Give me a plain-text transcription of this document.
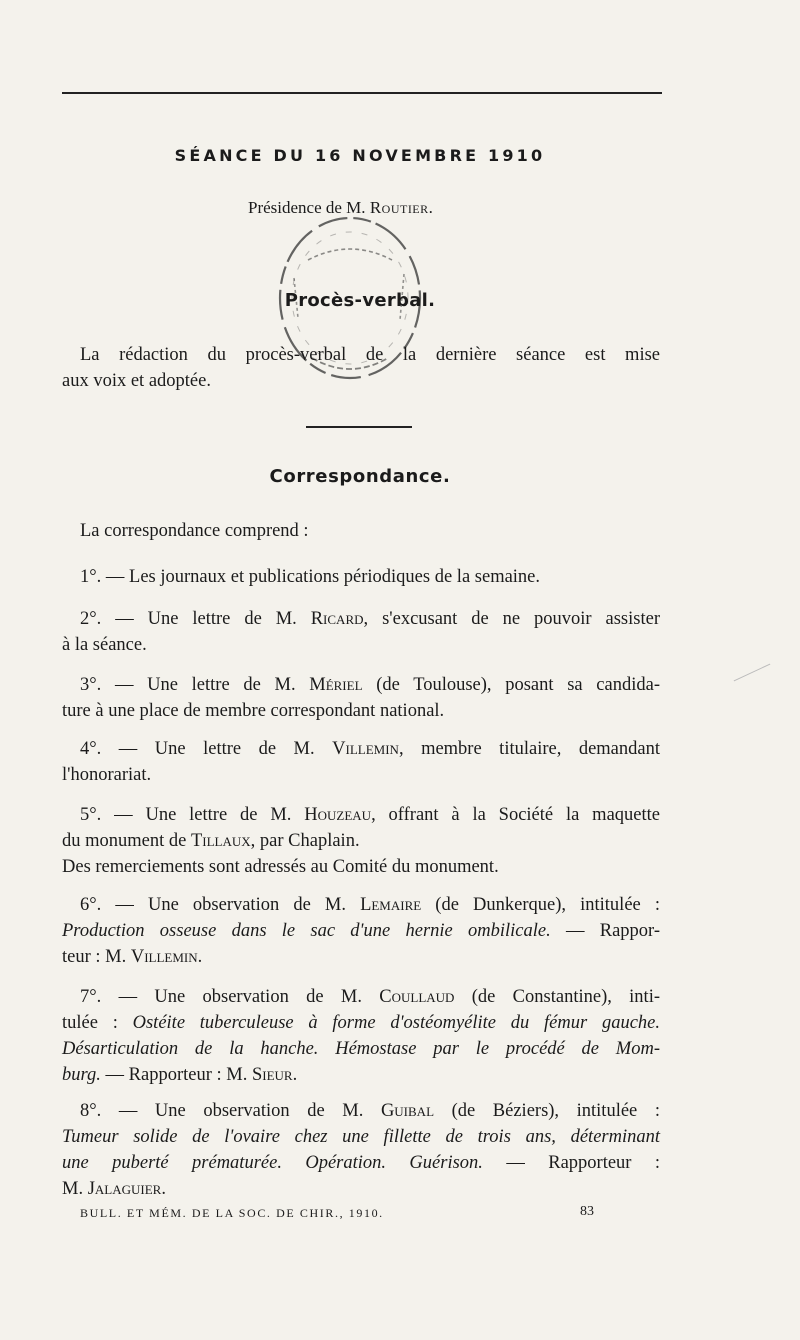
SÉANCE DU 16 NOVEMBRE 1910
Présidence de M. Routier.
Procès-verbal.
La rédaction du procès-verbal de la dernière séance est mise
aux voix et adoptée.
Correspondance.
La correspondance comprend :
1°. — Les journaux et publications périodiques de la semaine.
2°. — Une lettre de M. Ricard, s'excusant de ne pouvoir assister
à la séance.
3°. — Une lettre de M. Mériel (de Toulouse), posant sa candida-
ture à une place de membre correspondant national.
4°. — Une lettre de M. Villemin, membre titulaire, demandant
l'honorariat.
5°. — Une lettre de M. Houzeau, offrant à la Société la maquette
du monument de Tillaux, par Chaplain.
Des remerciements sont adressés au Comité du monument.
6°. — Une observation de M. Lemaire (de Dunkerque), intitulée :
Production osseuse dans le sac d'une hernie ombilicale. — Rappor-
teur : M. Villemin.
7°. — Une observation de M. Coullaud (de Constantine), inti-
tulée : Ostéite tuberculeuse à forme d'ostéomyélite du fémur gauche.
Désarticulation de la hanche. Hémostase par le procédé de Mom-
burg. — Rapporteur : M. Sieur.
8°. — Une observation de M. Guibal (de Béziers), intitulée :
Tumeur solide de l'ovaire chez une fillette de trois ans, déterminant
une puberté prématurée. Opération. Guérison. — Rapporteur :
M. Jalaguier.
BULL. ET MÉM. DE LA SOC. DE CHIR., 1910.	83
